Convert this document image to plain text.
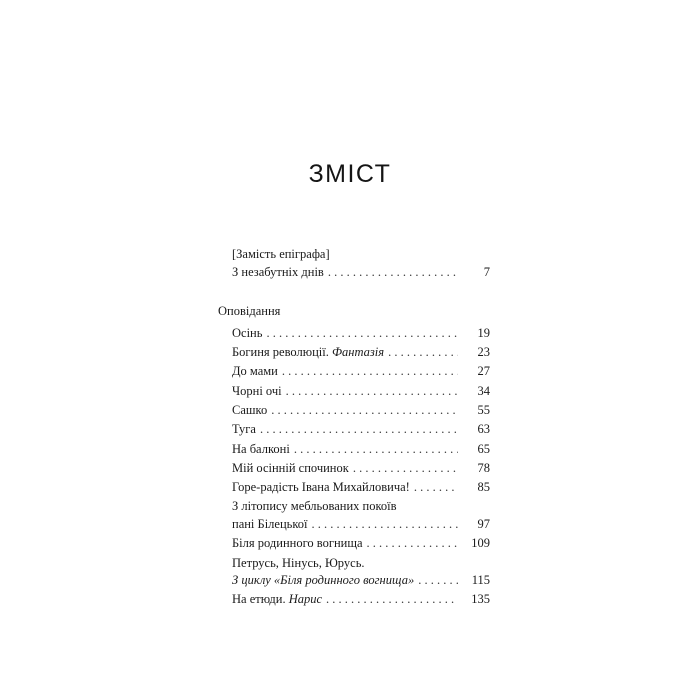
ЗМІСТ
[Замість епіграфа]
З незабутніх днів . . .	7
Оповідання
Осінь . . .	19
Богиня революції. Фантазія . . .	23
До мами . . .	27
Чорні очі . . .	34
Сашко . . .	55
Туга . . .	63
На балконі . . .	65
Мій осінній спочинок . . .	78
Горе-радість Івана Михайловича! . . .	85
З літопису мебльованих покоїв
пані Білецької . . .	97
Біля родинного вогнища . . .	109
Петрусь, Нінусь, Юрусь.
З циклу «Біля родинного вогнища» . . .	115
На етюди. Нарис . . .	135
